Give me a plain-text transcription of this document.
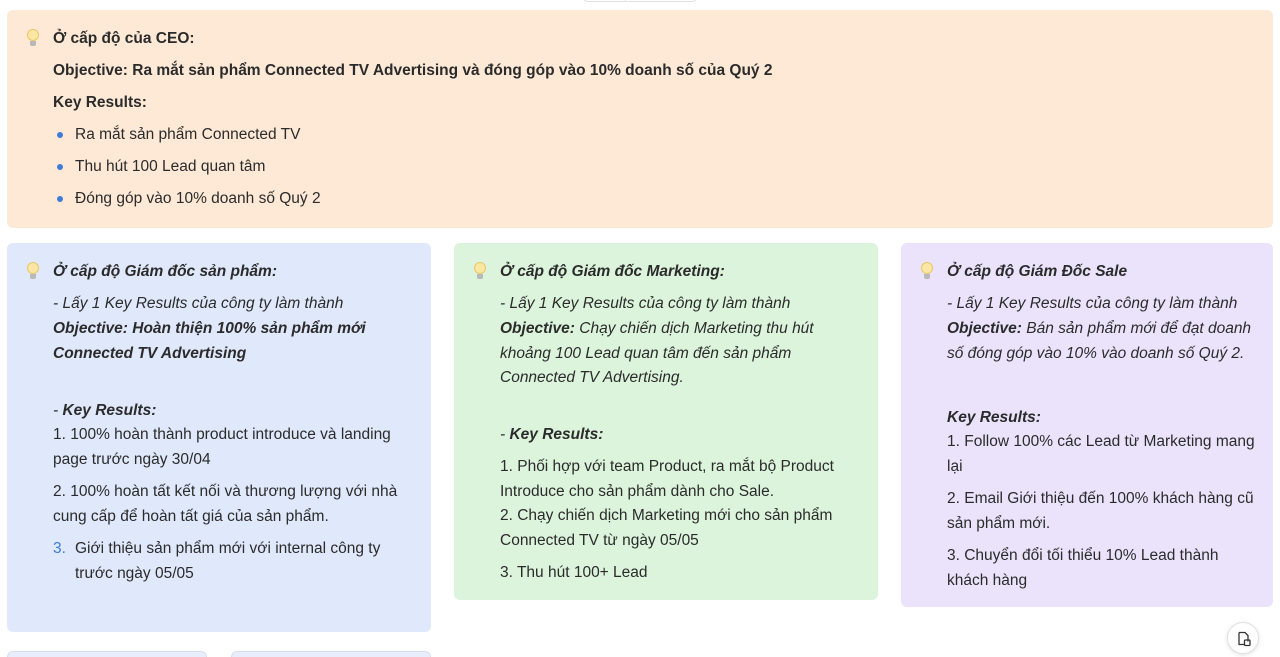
Ở cấp độ của CEO:
Objective: Ra mắt sản phẩm Connected TV Advertising và đóng góp vào 10% doanh số của Quý 2
Key Results:
Ra mắt sản phẩm Connected TV
Thu hút 100 Lead quan tâm
Đóng góp vào 10% doanh số Quý 2
Ở cấp độ Giám đốc sản phẩm:
- Lấy 1 Key Results của công ty làm thành
Objective: Hoàn thiện 100% sản phẩm mới
Connected TV Advertising
- Key Results:
1. 100% hoàn thành product introduce và landing
page trước ngày 30/04
2. 100% hoàn tất kết nối và thương lượng với nhà
cung cấp để hoàn tất giá của sản phẩm.
3. Giới thiệu sản phẩm mới với internal công ty
trước ngày 05/05
Ở cấp độ Giám đốc Marketing:
- Lấy 1 Key Results của công ty làm thành
Objective: Chạy chiến dịch Marketing thu hút
khoảng 100 Lead quan tâm đến sản phẩm
Connected TV Advertising.
- Key Results:
1. Phối hợp với team Product, ra mắt bộ Product
Introduce cho sản phẩm dành cho Sale.
2. Chạy chiến dịch Marketing mới cho sản phẩm
Connected TV từ ngày 05/05
3. Thu hút 100+ Lead
Ở cấp độ Giám Đốc Sale
- Lấy 1 Key Results của công ty làm thành
Objective: Bán sản phẩm mới để đạt doanh
số đóng góp vào 10% vào doanh số Quý 2.
Key Results:
1. Follow 100% các Lead từ Marketing mang
lại
2. Email Giới thiệu đến 100% khách hàng cũ
sản phẩm mới.
3. Chuyển đổi tối thiểu 10% Lead thành
khách hàng
